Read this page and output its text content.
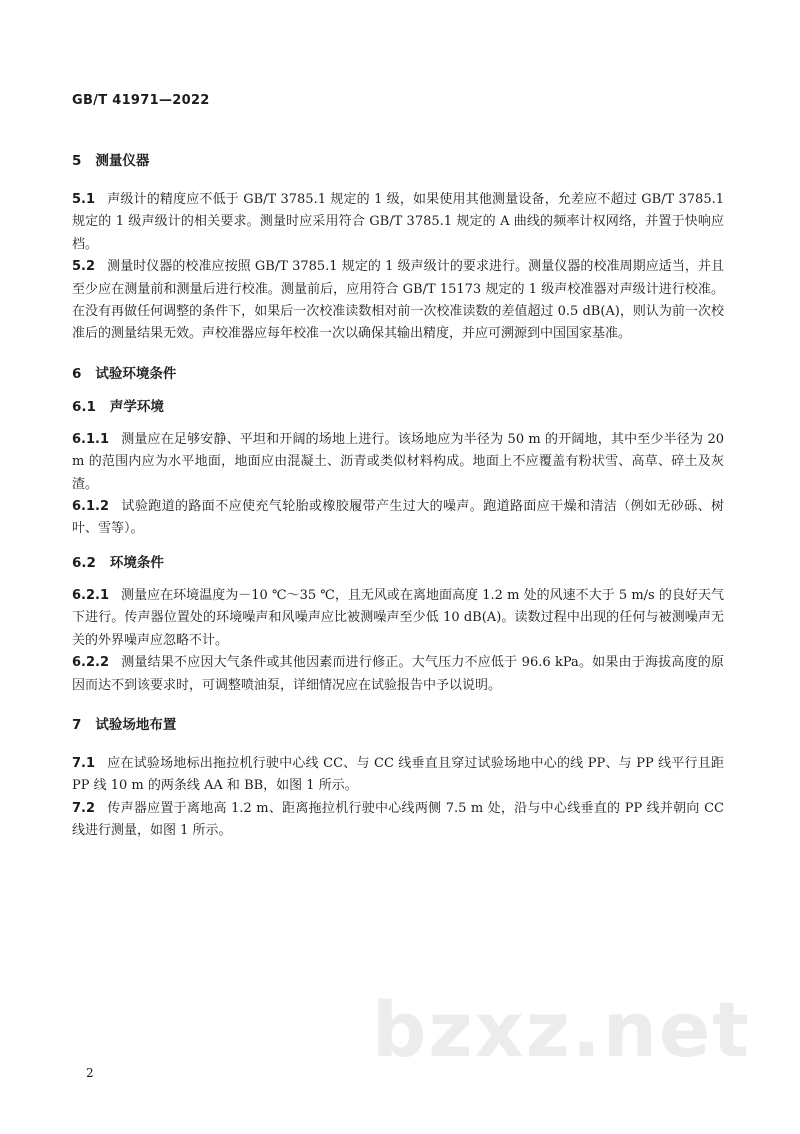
GB/T 41971—2022
5 测量仪器

5.1 声级计的精度应不低于 GB/T 3785.1 规定的 1 级，如果使用其他测量设备，允差应不超过 GB/T 3785.1 规定的 1 级声级计的相关要求。测量时应采用符合 GB/T 3785.1 规定的 A 曲线的频率计权网络，并置于快响应档。

5.2 测量时仪器的校准应按照 GB/T 3785.1 规定的 1 级声级计的要求进行。测量仪器的校准周期应适当，并且至少应在测量前和测量后进行校准。测量前后，应用符合 GB/T 15173 规定的 1 级声校准器对声级计进行校准。在没有再做任何调整的条件下，如果后一次校准读数相对前一次校准读数的差值超过 0.5 dB(A)，则认为前一次校准后的测量结果无效。声校准器应每年校准一次以确保其输出精度，并应可溯源到中国国家基准。

6 试验环境条件
6.1 声学环境

6.1.1 测量应在足够安静、平坦和开阔的场地上进行。该场地应为半径为 50 m 的开阔地，其中至少半径为 20 m 的范围内应为水平地面，地面应由混凝土、沥青或类似材料构成。地面上不应覆盖有粉状雪、高草、碎土及灰渣。

6.1.2 试验跑道的路面不应使充气轮胎或橡胶履带产生过大的噪声。跑道路面应干燥和清洁（例如无砂砾、树叶、雪等）。

6.2 环境条件

6.2.1 测量应在环境温度为－10 ℃～35 ℃，且无风或在离地面高度 1.2 m 处的风速不大于 5 m/s 的良好天气下进行。传声器位置处的环境噪声和风噪声应比被测噪声至少低 10 dB(A)。读数过程中出现的任何与被测噪声无关的外界噪声应忽略不计。

6.2.2 测量结果不应因大气条件或其他因素而进行修正。大气压力不应低于 96.6 kPa。如果由于海拔高度的原因而达不到该要求时，可调整喷油泵，详细情况应在试验报告中予以说明。

7 试验场地布置

7.1 应在试验场地标出拖拉机行驶中心线 CC、与 CC 线垂直且穿过试验场地中心的线 PP、与 PP 线平行且距 PP 线 10 m 的两条线 AA 和 BB，如图 1 所示。

7.2 传声器应置于离地高 1.2 m、距离拖拉机行驶中心线两侧 7.5 m 处，沿与中心线垂直的 PP 线并朝向 CC 线进行测量，如图 1 所示。

bzxz.net
2
